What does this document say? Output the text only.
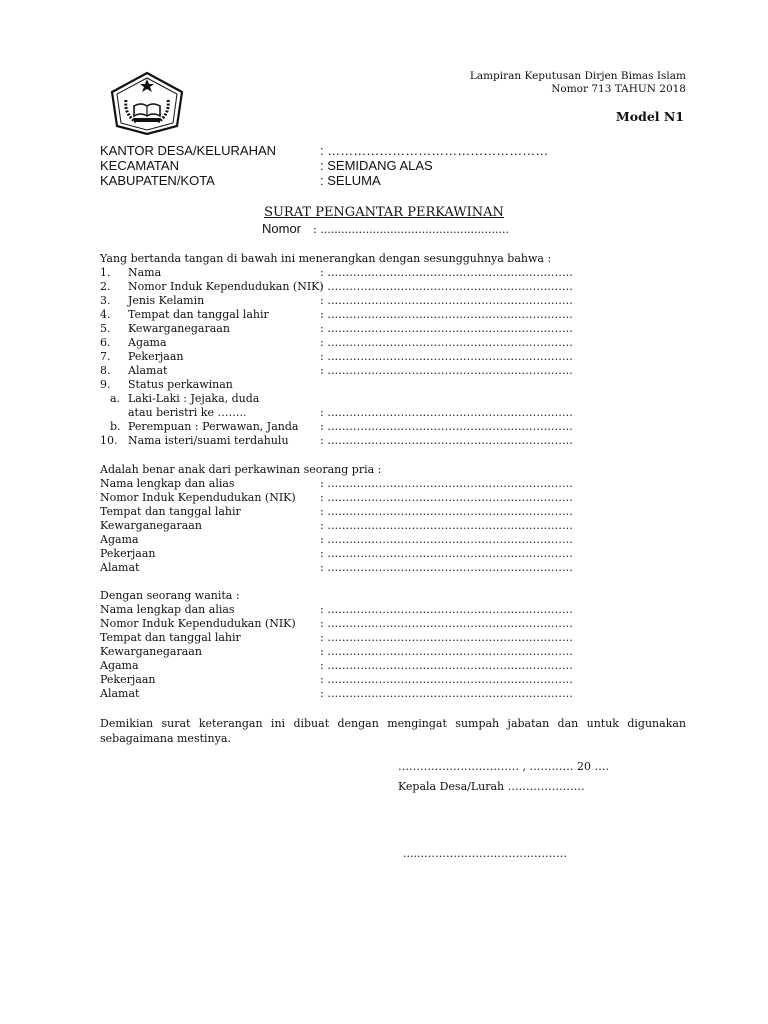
Lampiran Keputusan Dirjen Bimas Islam
Nomor 713 TAHUN 2018
Model N1
KANTOR DESA/KELURAHAN	: ……………………………………………
KECAMATAN	: SEMIDANG ALAS
KABUPATEN/KOTA	: SELUMA
SURAT PENGANTAR PERKAWINAN
Nomor : ......................................................
Yang bertanda tangan di bawah ini menerangkan dengan sesungguhnya bahwa :
1. Nama	: ………………………………………………………….
2. Nomor Induk Kependudukan (NIK)
: ………………………………………………………….
3. Jenis Kelamin	: ………………………………………………………….
4. Tempat dan tanggal lahir	: ………………………………………………………….
5. Kewarganegaraan	: ………………………………………………………….
6. Agama	: ………………………………………………………….
7. Pekerjaan	: ………………………………………………………….
8. Alamat	: ………………………………………………………….
9. Status perkawinan
a. Laki-Laki : Jejaka, duda
atau beristri ke ……..	: ………………………………………………………….
b. Perempuan : Perwawan, Janda : ………………………………………………………….
10. Nama isteri/suami terdahulu	: ………………………………………………………….
Adalah benar anak dari perkawinan seorang pria :
Nama lengkap dan alias	: ………………………………………………………….
Nomor Induk Kependudukan (NIK) : ………………………………………………………….
Tempat dan tanggal lahir	: ………………………………………………………….
Kewarganegaraan	: ………………………………………………………….
Agama	: ………………………………………………………….
Pekerjaan	: ………………………………………………………….
Alamat	: ………………………………………………………….
Dengan seorang wanita :
Nama lengkap dan alias	: ………………………………………………………….
Nomor Induk Kependudukan (NIK) : ………………………………………………………….
Tempat dan tanggal lahir	: ………………………………………………………….
Kewarganegaraan	: ………………………………………………………….
Agama	: ………………………………………………………….
Pekerjaan	: ………………………………………………………….
Alamat	: ………………………………………………………….
Demikian surat keterangan ini dibuat dengan mengingat sumpah jabatan dan untuk digunakan sebagaimana mestinya.
…………………………… , ………… 20 ….
Kepala Desa/Lurah …………………
......…………………………………
